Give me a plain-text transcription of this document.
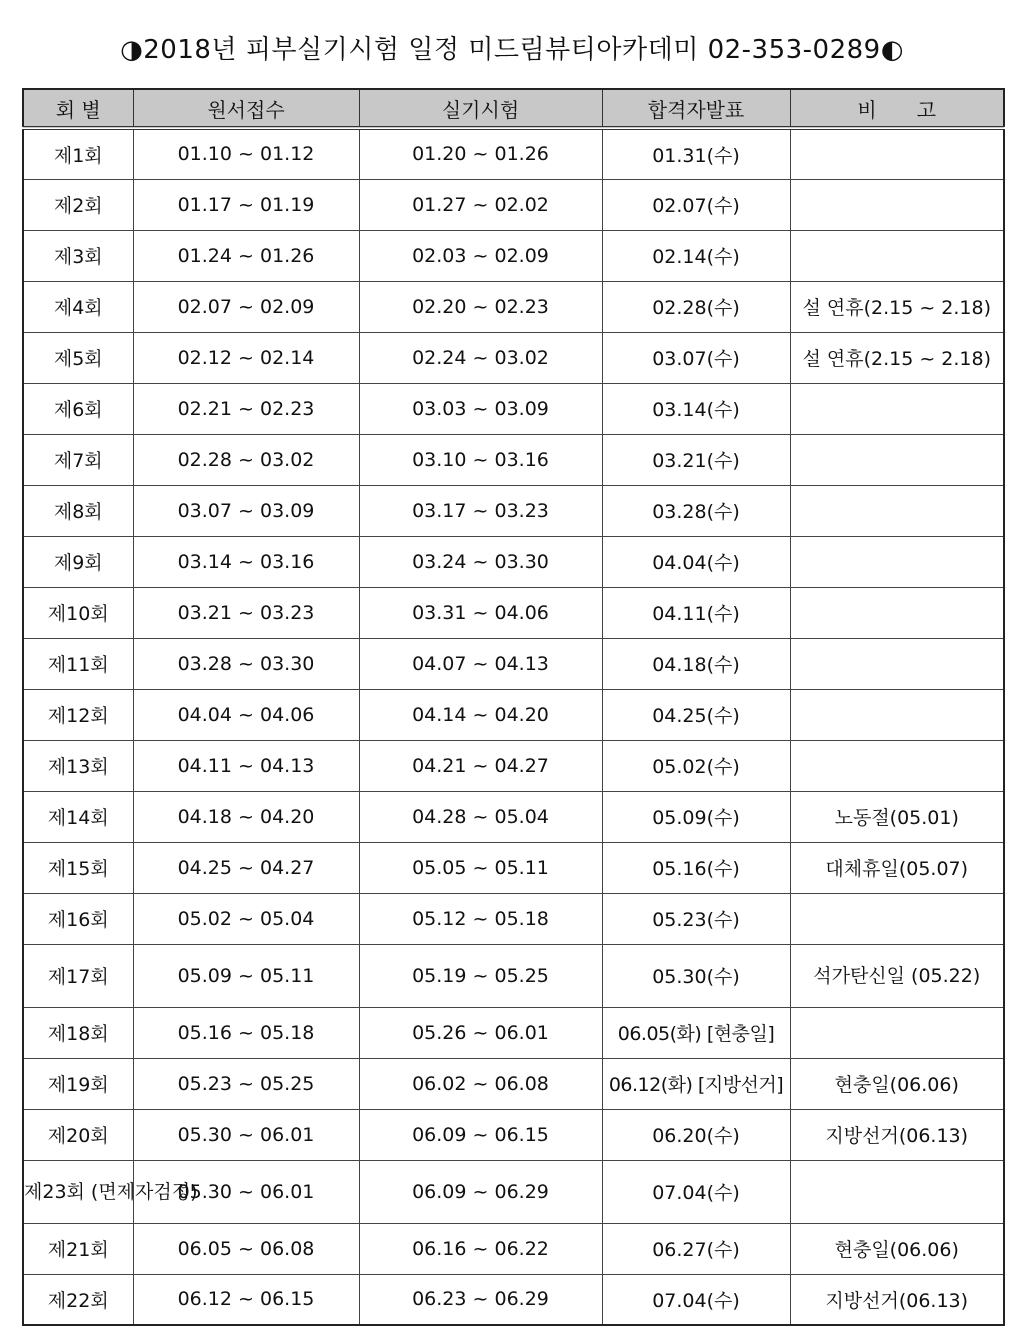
◑2018년 피부실기시험 일정 미드림뷰티아카데미 02-353-0289◐
회 별	원서접수	실기시험	합격자발표	비　　고
제1회	01.10 ~ 01.12	01.20 ~ 01.26	01.31(수)	
제2회	01.17 ~ 01.19	01.27 ~ 02.02	02.07(수)	
제3회	01.24 ~ 01.26	02.03 ~ 02.09	02.14(수)	
제4회	02.07 ~ 02.09	02.20 ~ 02.23	02.28(수)	설 연휴(2.15 ~ 2.18)
제5회	02.12 ~ 02.14	02.24 ~ 03.02	03.07(수)	설 연휴(2.15 ~ 2.18)
제6회	02.21 ~ 02.23	03.03 ~ 03.09	03.14(수)	
제7회	02.28 ~ 03.02	03.10 ~ 03.16	03.21(수)	
제8회	03.07 ~ 03.09	03.17 ~ 03.23	03.28(수)	
제9회	03.14 ~ 03.16	03.24 ~ 03.30	04.04(수)	
제10회	03.21 ~ 03.23	03.31 ~ 04.06	04.11(수)	
제11회	03.28 ~ 03.30	04.07 ~ 04.13	04.18(수)	
제12회	04.04 ~ 04.06	04.14 ~ 04.20	04.25(수)	
제13회	04.11 ~ 04.13	04.21 ~ 04.27	05.02(수)	
제14회	04.18 ~ 04.20	04.28 ~ 05.04	05.09(수)	노동절(05.01)
제15회	04.25 ~ 04.27	05.05 ~ 05.11	05.16(수)	대체휴일(05.07)
제16회	05.02 ~ 05.04	05.12 ~ 05.18	05.23(수)	
제17회	05.09 ~ 05.11	05.19 ~ 05.25	05.30(수)	석가탄신일 (05.22)
제18회	05.16 ~ 05.18	05.26 ~ 06.01	06.05(화) [현충일]	
제19회	05.23 ~ 05.25	06.02 ~ 06.08	06.12(화) [지방선거]	현충일(06.06)
제20회	05.30 ~ 06.01	06.09 ~ 06.15	06.20(수)	지방선거(06.13)
제23회 (면제자검정)	05.30 ~ 06.01	06.09 ~ 06.29	07.04(수)	
제21회	06.05 ~ 06.08	06.16 ~ 06.22	06.27(수)	현충일(06.06)
제22회	06.12 ~ 06.15	06.23 ~ 06.29	07.04(수)	지방선거(06.13)
